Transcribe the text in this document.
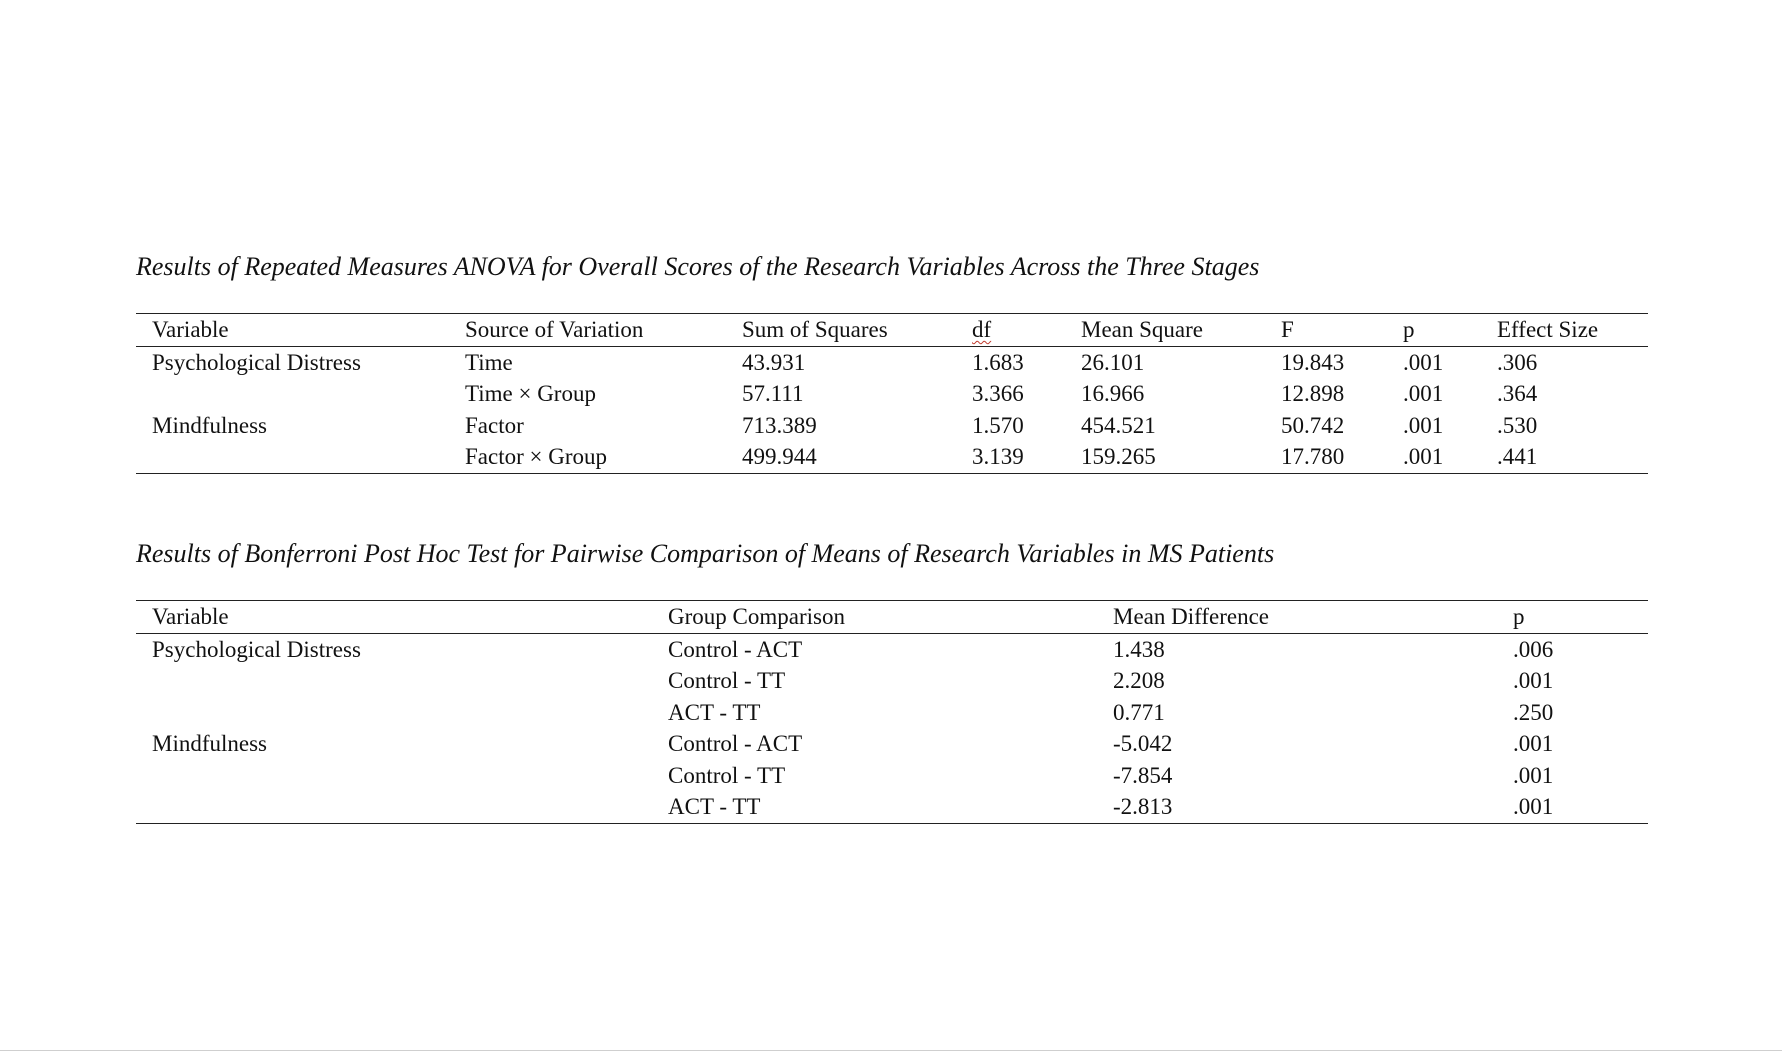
Results of Repeated Measures ANOVA for Overall Scores of the Research Variables Across the Three Stages
Variable	Source of Variation	Sum of Squares	df	Mean Square	F	p	Effect Size
Psychological Distress	Time	43.931	1.683	26.101	19.843	.001	.306
	Time × Group	57.111	3.366	16.966	12.898	.001	.364
Mindfulness	Factor	713.389	1.570	454.521	50.742	.001	.530
	Factor × Group	499.944	3.139	159.265	17.780	.001	.441
Results of Bonferroni Post Hoc Test for Pairwise Comparison of Means of Research Variables in MS Patients
Variable	Group Comparison	Mean Difference	p
Psychological Distress	Control - ACT	1.438	.006
	Control - TT	2.208	.001
	ACT - TT	0.771	.250
Mindfulness	Control - ACT	-5.042	.001
	Control - TT	-7.854	.001
	ACT - TT	-2.813	.001
